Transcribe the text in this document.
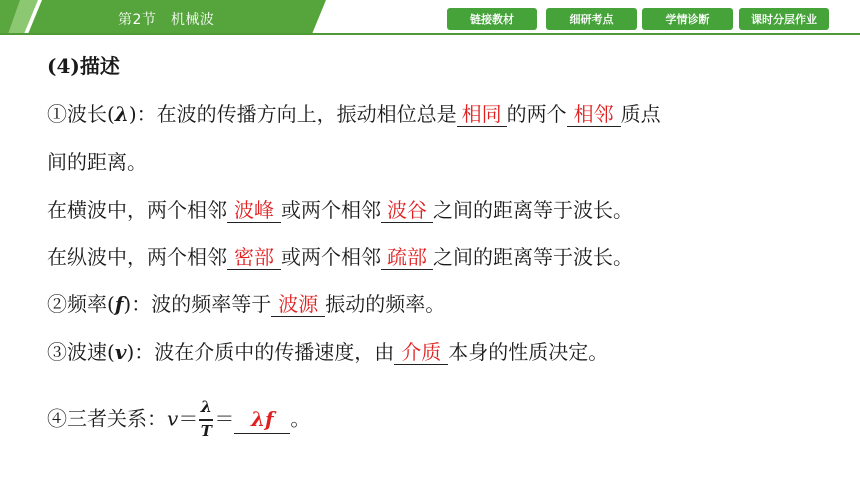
第2节　机械波	链接教材	细研考点	学情诊断	课时分层作业
(4)描述
①波长(λ)：在波的传播方向上，振动相位总是 相同 的两个 相邻 质点
间的距离。
在横波中，两个相邻 波峰 或两个相邻 波谷 之间的距离等于波长。
在纵波中，两个相邻 密部 或两个相邻 疏部 之间的距离等于波长。
②频率(f)：波的频率等于 波源 振动的频率。
③波速(v)：波在介质中的传播速度，由 介质 本身的性质决定。
④三者关系：$v= \frac{\lambda}{T} = \lambda f$ 。
